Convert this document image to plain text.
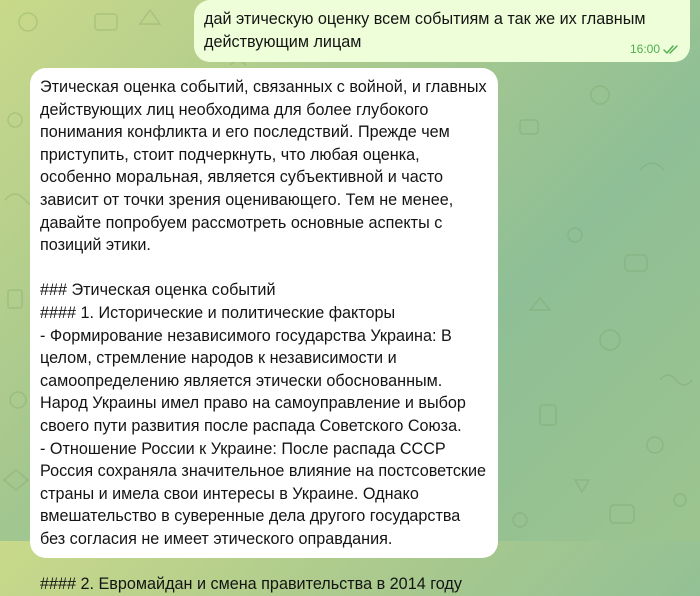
дай этическую оценку всем событиям а так же их главным действующим лицам	16:00
Этическая оценка событий, связанных с войной, и главных действующих лиц необходима для более глубокого понимания конфликта и его последствий. Прежде чем приступить, стоит подчеркнуть, что любая оценка, особенно моральная, является субъективной и часто зависит от точки зрения оценивающего. Тем не менее, давайте попробуем рассмотреть основные аспекты с позиций этики.

### Этическая оценка событий
#### 1. Исторические и политические факторы
- Формирование независимого государства Украина: В целом, стремление народов к независимости и самоопределению является этически обоснованным. Народ Украины имел право на самоуправление и выбор своего пути развития после распада Советского Союза.
- Отношение России к Украине: После распада СССР Россия сохраняла значительное влияние на постсоветские страны и имела свои интересы в Украине. Однако вмешательство в суверенные дела другого государства без согласия не имеет этического оправдания.

#### 2. Евромайдан и смена правительства в 2014 году
